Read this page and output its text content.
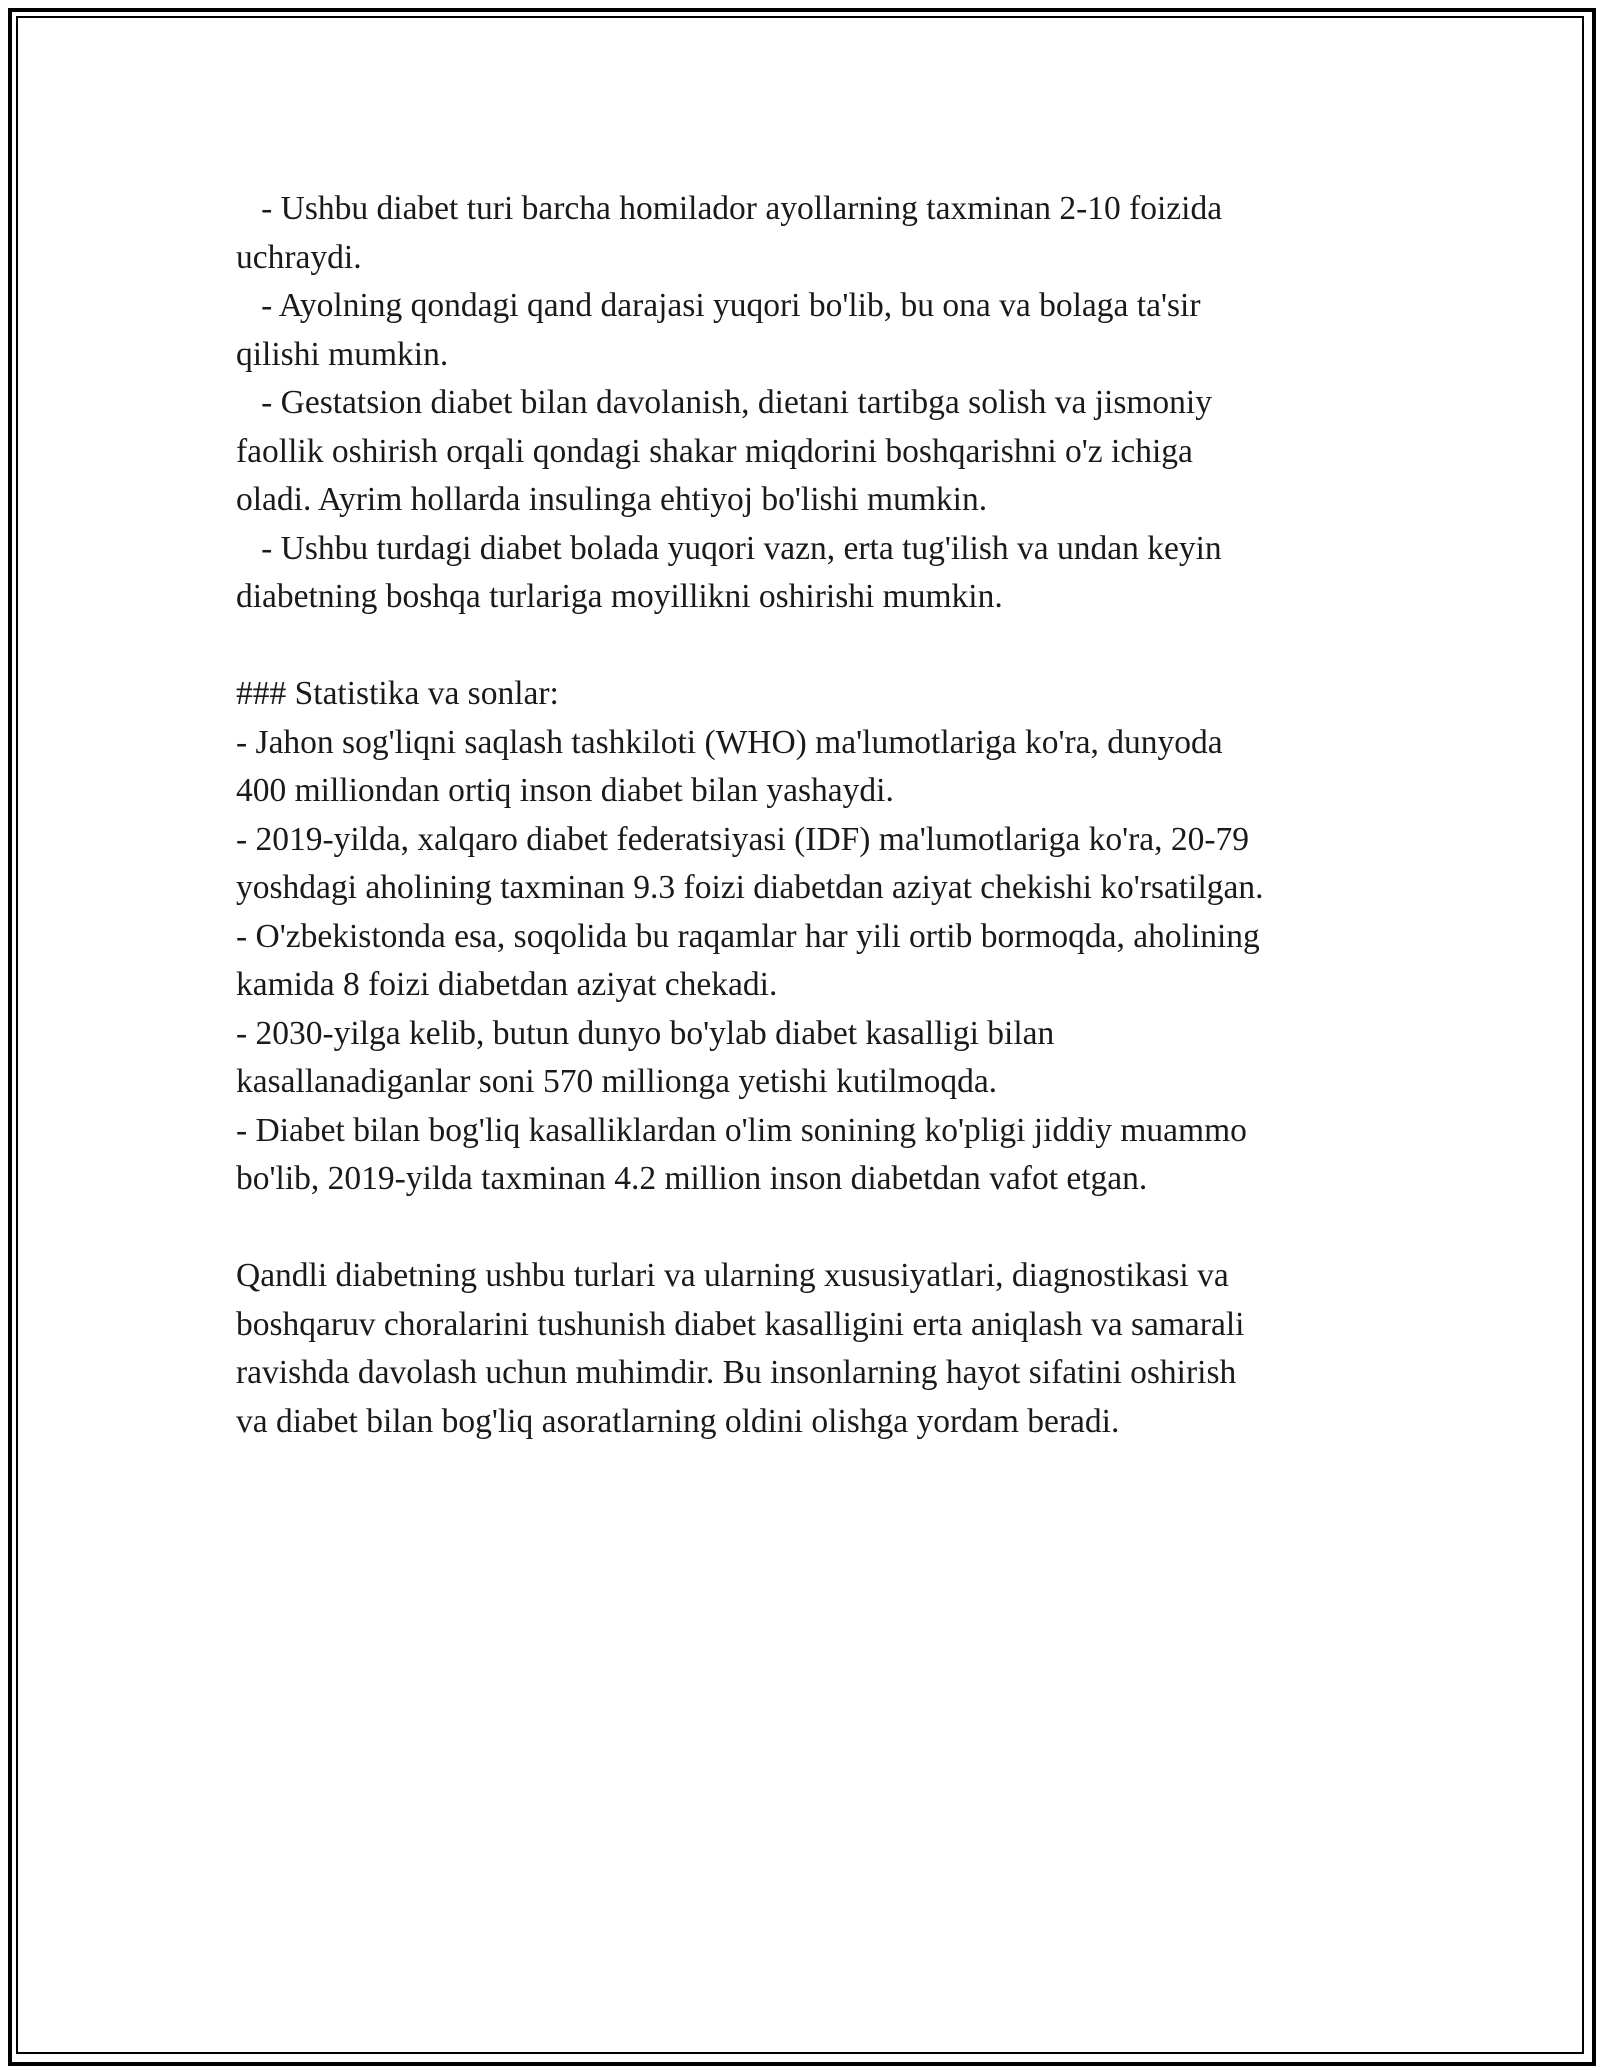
- Ushbu diabet turi barcha homilador ayollarning taxminan 2-10 foizida
uchraydi.
- Ayolning qondagi qand darajasi yuqori bo'lib, bu ona va bolaga ta'sir
qilishi mumkin.
- Gestatsion diabet bilan davolanish, dietani tartibga solish va jismoniy
faollik oshirish orqali qondagi shakar miqdorini boshqarishni o'z ichiga
oladi. Ayrim hollarda insulinga ehtiyoj bo'lishi mumkin.
- Ushbu turdagi diabet bolada yuqori vazn, erta tug'ilish va undan keyin
diabetning boshqa turlariga moyillikni oshirishi mumkin.
### Statistika va sonlar:
- Jahon sog'liqni saqlash tashkiloti (WHO) ma'lumotlariga ko'ra, dunyoda
400 milliondan ortiq inson diabet bilan yashaydi.
- 2019-yilda, xalqaro diabet federatsiyasi (IDF) ma'lumotlariga ko'ra, 20-79
yoshdagi aholining taxminan 9.3 foizi diabetdan aziyat chekishi ko'rsatilgan.
- O'zbekistonda esa, soqolida bu raqamlar har yili ortib bormoqda, aholining
kamida 8 foizi diabetdan aziyat chekadi.
- 2030-yilga kelib, butun dunyo bo'ylab diabet kasalligi bilan
kasallanadiganlar soni 570 millionga yetishi kutilmoqda.
- Diabet bilan bog'liq kasalliklardan o'lim sonining ko'pligi jiddiy muammo
bo'lib, 2019-yilda taxminan 4.2 million inson diabetdan vafot etgan.
Qandli diabetning ushbu turlari va ularning xususiyatlari, diagnostikasi va
boshqaruv choralarini tushunish diabet kasalligini erta aniqlash va samarali
ravishda davolash uchun muhimdir. Bu insonlarning hayot sifatini oshirish
va diabet bilan bog'liq asoratlarning oldini olishga yordam beradi.
